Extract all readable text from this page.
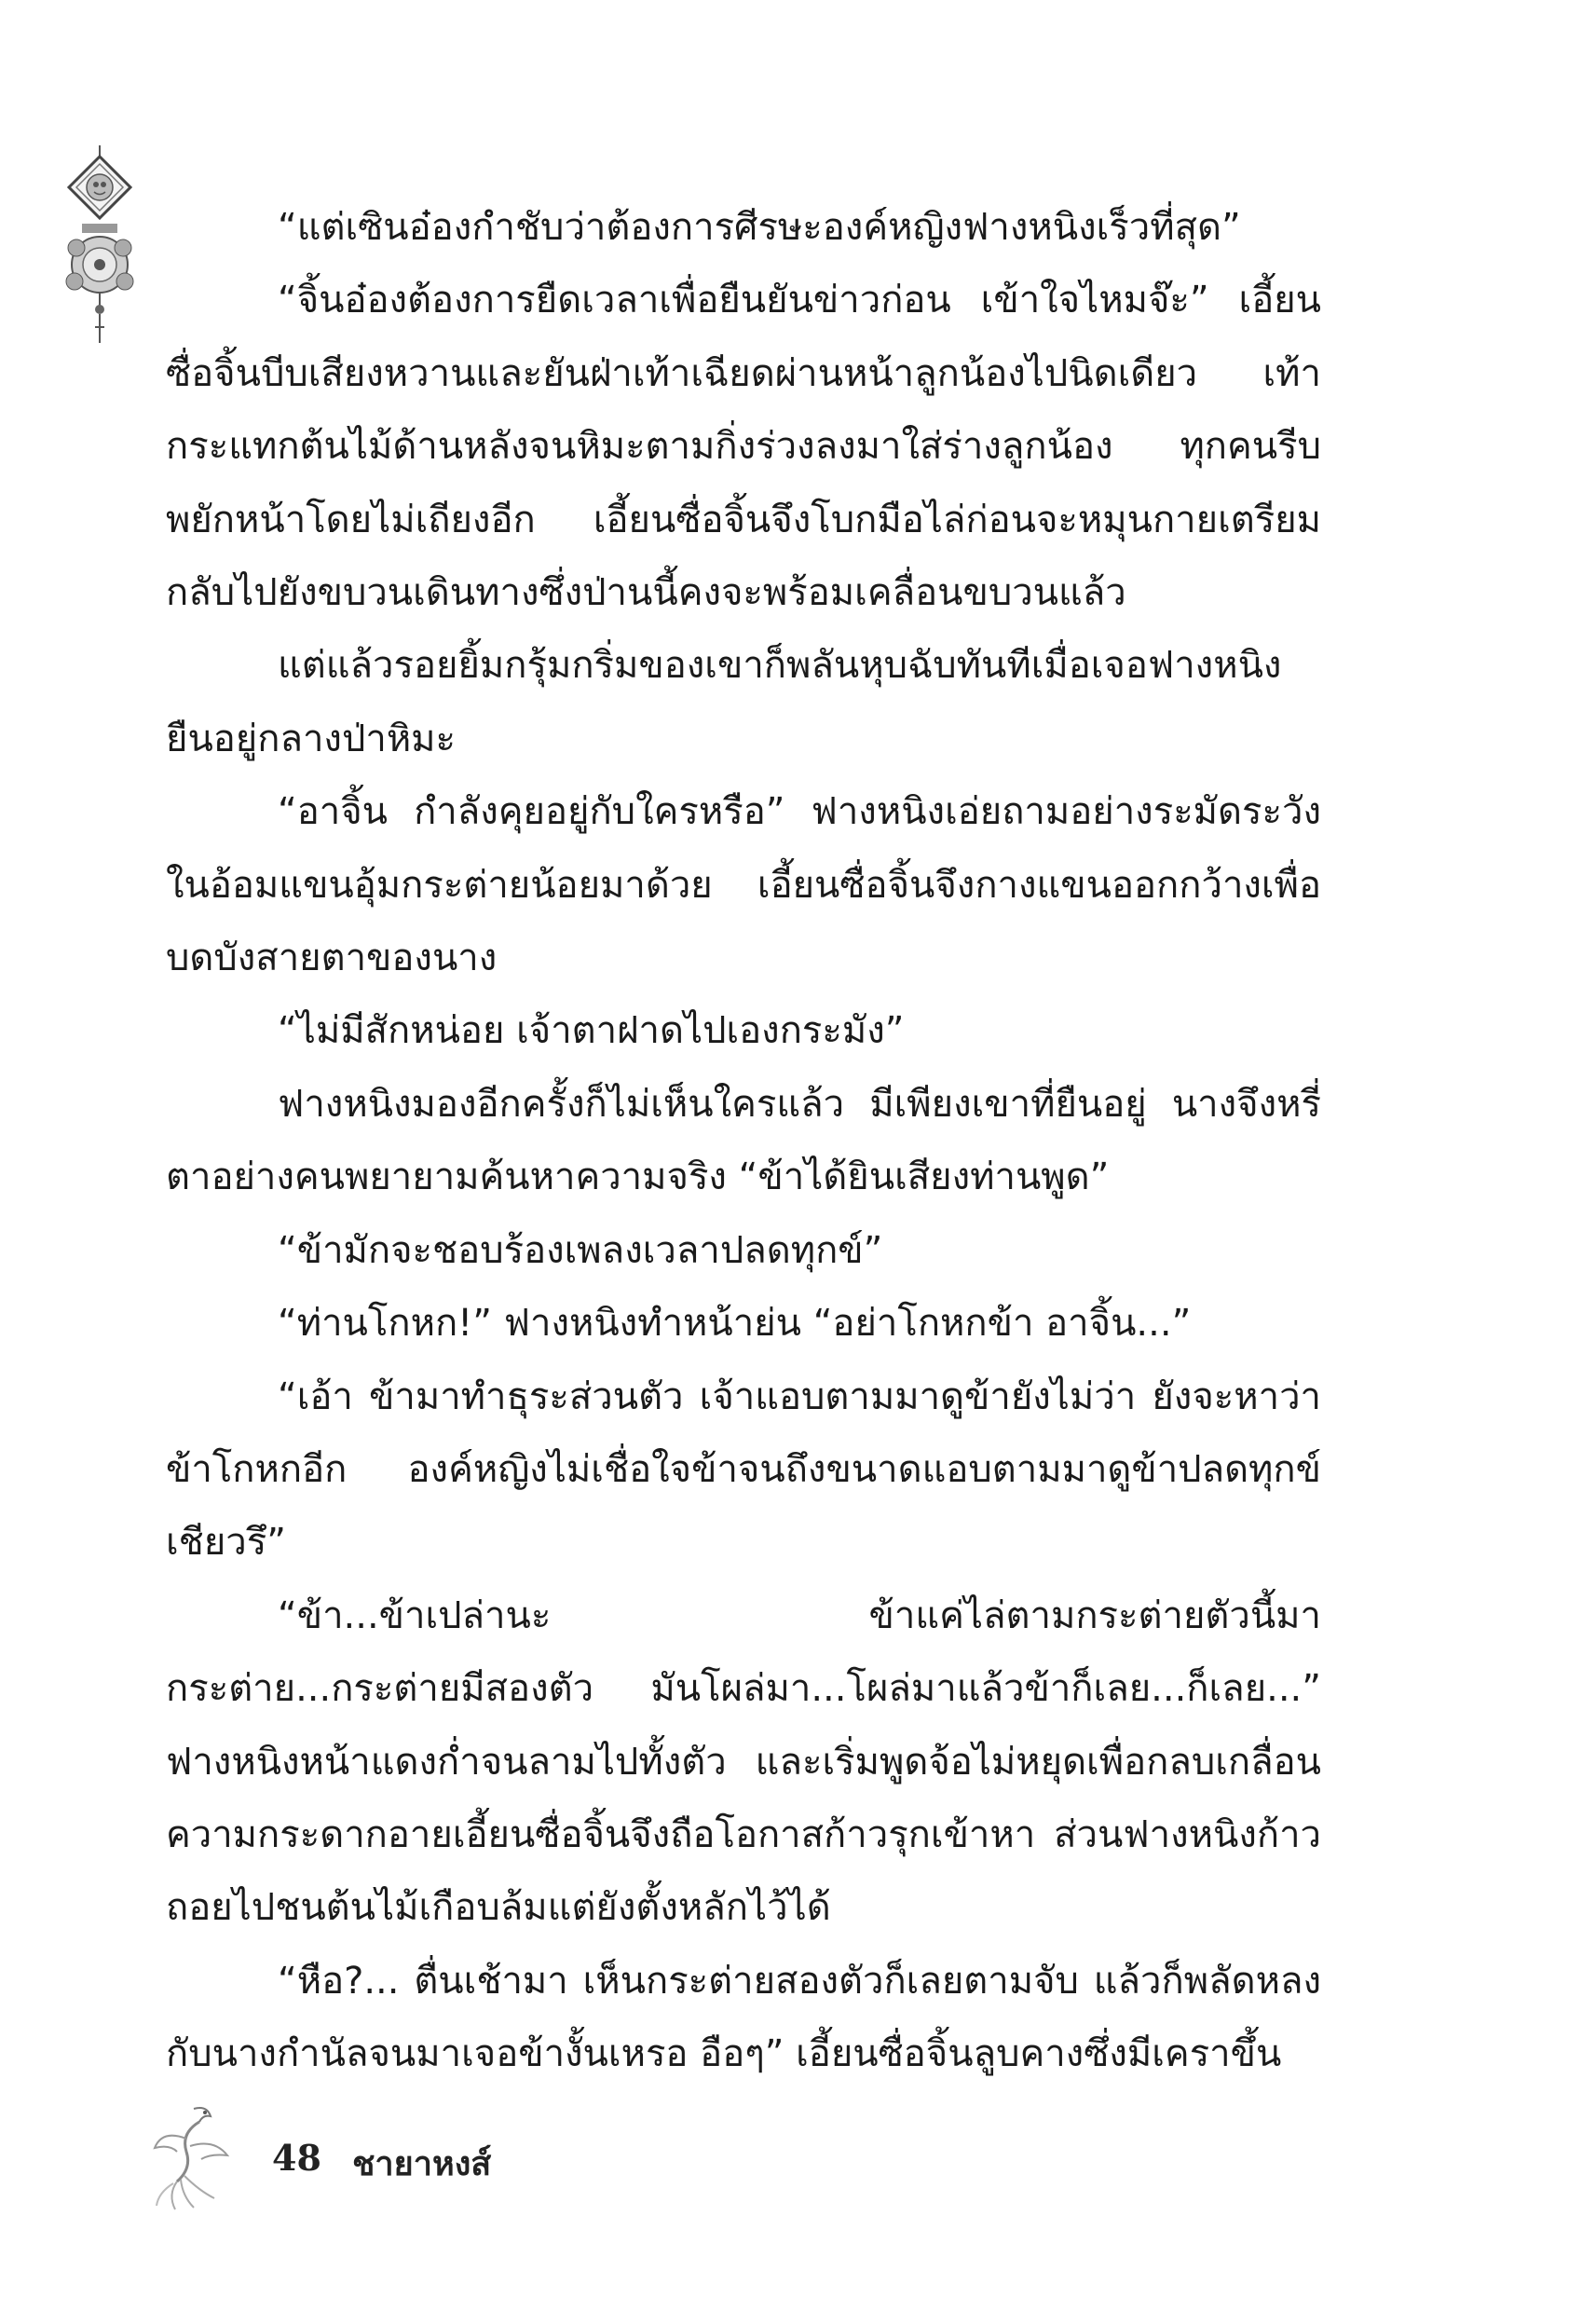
“แต่เซินอ๋องกำชับว่าต้องการศีรษะองค์หญิงฟางหนิงเร็วที่สุด”

“จิ้นอ๋องต้องการยืดเวลาเพื่อยืนยันข่าวก่อน เข้าใจไหมจ๊ะ” เอี้ยนซื่อจิ้นบีบเสียงหวานและยันฝ่าเท้าเฉียดผ่านหน้าลูกน้องไปนิดเดียว เท้ากระแทกต้นไม้ด้านหลังจนหิมะตามกิ่งร่วงลงมาใส่ร่างลูกน้อง ทุกคนรีบพยักหน้าโดยไม่เถียงอีก เอี้ยนซื่อจิ้นจึงโบกมือไล่ก่อนจะหมุนกายเตรียมกลับไปยังขบวนเดินทางซึ่งป่านนี้คงจะพร้อมเคลื่อนขบวนแล้ว

แต่แล้วรอยยิ้มกรุ้มกริ่มของเขาก็พลันหุบฉับทันทีเมื่อเจอฟางหนิงยืนอยู่กลางป่าหิมะ

“อาจิ้น กำลังคุยอยู่กับใครหรือ” ฟางหนิงเอ่ยถามอย่างระมัดระวังในอ้อมแขนอุ้มกระต่ายน้อยมาด้วย เอี้ยนซื่อจิ้นจึงกางแขนออกกว้างเพื่อบดบังสายตาของนาง

“ไม่มีสักหน่อย เจ้าตาฝาดไปเองกระมัง”

ฟางหนิงมองอีกครั้งก็ไม่เห็นใครแล้ว มีเพียงเขาที่ยืนอยู่ นางจึงหรี่ตาอย่างคนพยายามค้นหาความจริง “ข้าได้ยินเสียงท่านพูด”

“ข้ามักจะชอบร้องเพลงเวลาปลดทุกข์”

“ท่านโกหก!” ฟางหนิงทำหน้าย่น “อย่าโกหกข้า อาจิ้น...”

“เอ้า ข้ามาทำธุระส่วนตัว เจ้าแอบตามมาดูข้ายังไม่ว่า ยังจะหาว่าข้าโกหกอีก องค์หญิงไม่เชื่อใจข้าจนถึงขนาดแอบตามมาดูข้าปลดทุกข์เชียวรึ”

“ข้า...ข้าเปล่านะ ข้าแค่ไล่ตามกระต่ายตัวนี้มา กระต่าย...กระต่ายมีสองตัว มันโผล่มา...โผล่มาแล้วข้าก็เลย...ก็เลย...” ฟางหนิงหน้าแดงก่ำจนลามไปทั้งตัว และเริ่มพูดจ้อไม่หยุดเพื่อกลบเกลื่อนความกระดากอายเอี้ยนซื่อจิ้นจึงถือโอกาสก้าวรุกเข้าหา ส่วนฟางหนิงก้าวถอยไปชนต้นไม้เกือบล้มแต่ยังตั้งหลักไว้ได้

“หือ?... ตื่นเช้ามา เห็นกระต่ายสองตัวก็เลยตามจับ แล้วก็พลัดหลงกับนางกำนัลจนมาเจอข้างั้นเหรอ อือๆ” เอี้ยนซื่อจิ้นลูบคางซึ่งมีเคราขึ้น

48 ชายาหงส์
